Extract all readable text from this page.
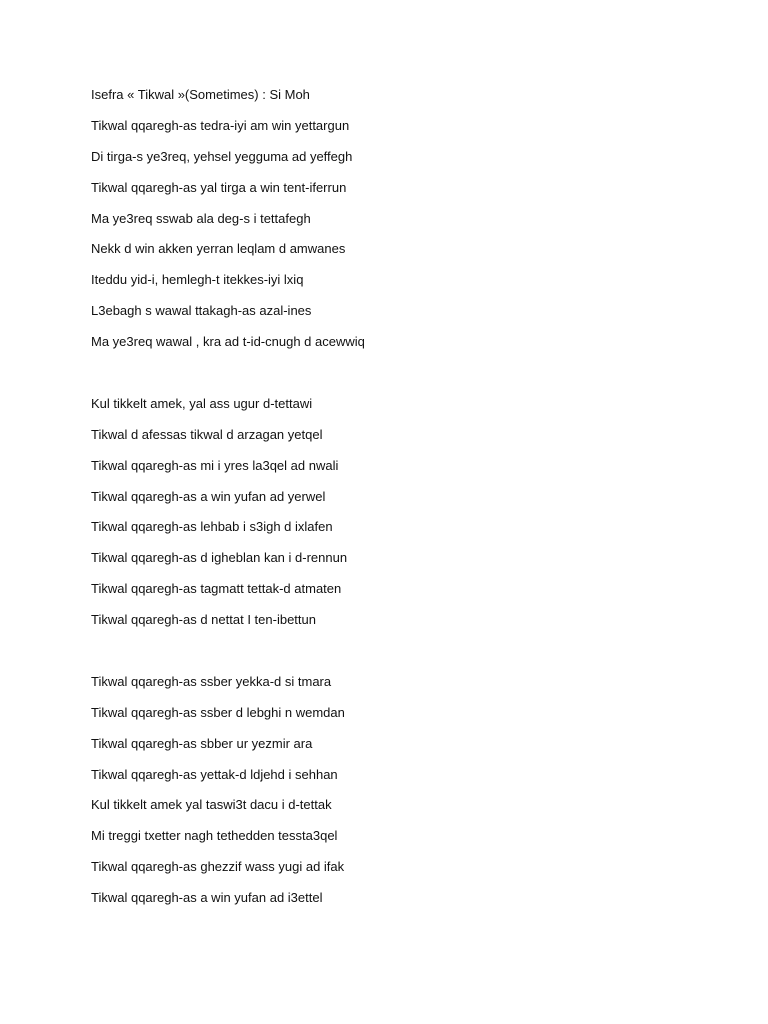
Isefra « Tikwal »(Sometimes) : Si Moh
Tikwal qqaregh-as tedra-iyi am win yettargun
Di tirga-s ye3req, yehsel yegguma ad yeffegh
Tikwal qqaregh-as yal tirga a win tent-iferrun
Ma ye3req sswab ala deg-s i tettafegh
Nekk d win akken yerran leqlam d amwanes
Iteddu yid-i, hemlegh-t itekkes-iyi lxiq
L3ebagh s wawal ttakagh-as azal-ines
Ma ye3req wawal , kra ad t-id-cnugh d acewwiq
Kul tikkelt amek, yal ass ugur d-tettawi
Tikwal d afessas tikwal d arzagan yetqel
Tikwal qqaregh-as mi i yres la3qel ad nwali
Tikwal qqaregh-as a win yufan ad yerwel
Tikwal qqaregh-as lehbab i s3igh d ixlafen
Tikwal qqaregh-as d igheblan kan i d-rennun
Tikwal qqaregh-as tagmatt tettak-d atmaten
Tikwal qqaregh-as d nettat I ten-ibettun
Tikwal qqaregh-as ssber yekka-d si tmara
Tikwal qqaregh-as ssber d lebghi n wemdan
Tikwal qqaregh-as sbber ur yezmir ara
Tikwal qqaregh-as yettak-d ldjehd i sehhan
Kul tikkelt amek yal taswi3t dacu i d-tettak
Mi treggi txetter nagh tethedden tessta3qel
Tikwal qqaregh-as ghezzif wass yugi ad ifak
Tikwal qqaregh-as a win yufan ad i3ettel
